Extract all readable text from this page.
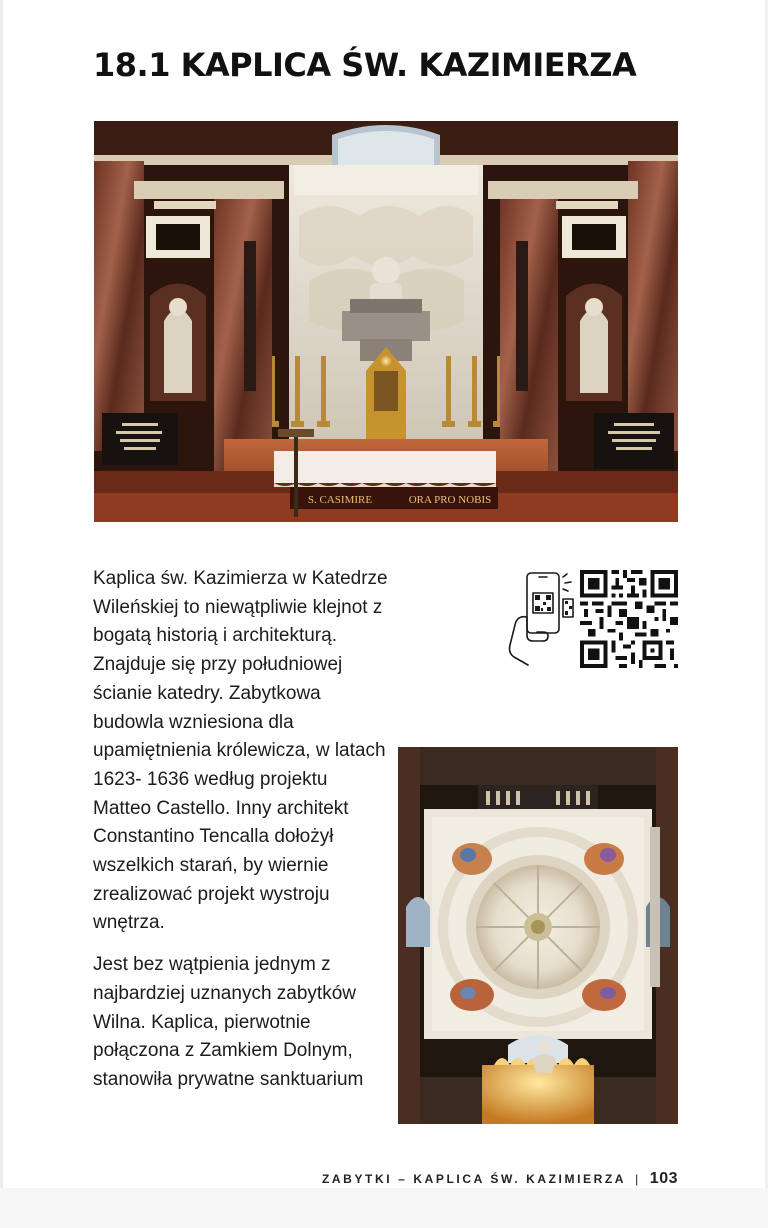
18.1 KAPLICA ŚW. KAZIMIERZA
S. CASIMIRE	ORA PRO NOBIS

Kaplica św. Kazimierza w Katedrze Wileńskiej to niewątpliwie klejnot z bogatą historią i architekturą. Znajduje się przy południowej ścianie katedry. Zabytkowa budowla wzniesiona dla upamiętnienia królewicza, w latach 1623- 1636 według projektu Matteo Castello. Inny architekt Constantino Tencalla dołożył wszelkich starań, by wiernie zrealizować projekt wystroju wnętrza.

Jest bez wątpienia jednym z najbardziej uznanych zabytków Wilna. Kaplica, pierwotnie połączona z Zamkiem Dolnym, stanowiła prywatne sanktuarium

ZABYTKI – KAPLICA ŚW. KAZIMIERZA | 103
